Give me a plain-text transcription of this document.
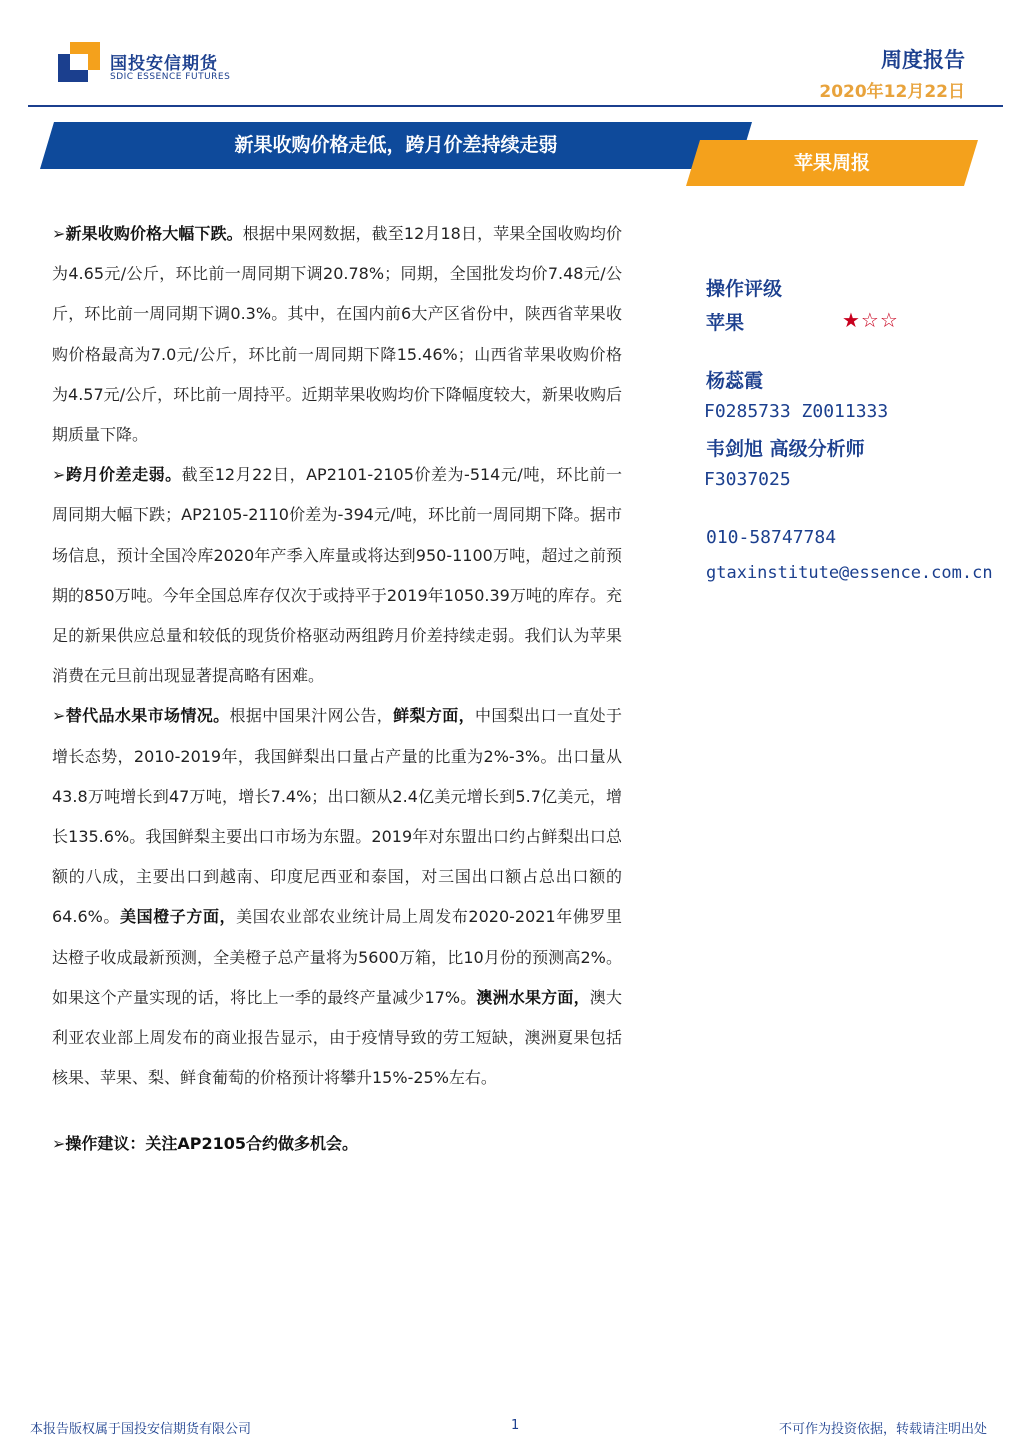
国投安信期货
SDIC ESSENCE FUTURES
周度报告
2020年12月22日
新果收购价格走低，跨月价差持续走弱
苹果周报

➢新果收购价格大幅下跌。根据中果网数据，截至12月18日，苹果全国收购均价为4.65元/公斤，环比前一周同期下调20.78%；同期，全国批发均价7.48元/公斤，环比前一周同期下调0.3%。其中，在国内前6大产区省份中，陕西省苹果收购价格最高为7.0元/公斤，环比前一周同期下降15.46%；山西省苹果收购价格为4.57元/公斤，环比前一周持平。近期苹果收购均价下降幅度较大，新果收购后期质量下降。

➢跨月价差走弱。截至12月22日，AP2101-2105价差为-514元/吨，环比前一周同期大幅下跌；AP2105-2110价差为-394元/吨，环比前一周同期下降。据市场信息，预计全国冷库2020年产季入库量或将达到950-1100万吨，超过之前预期的850万吨。今年全国总库存仅次于或持平于2019年1050.39万吨的库存。充足的新果供应总量和较低的现货价格驱动两组跨月价差持续走弱。我们认为苹果消费在元旦前出现显著提高略有困难。

➢替代品水果市场情况。根据中国果汁网公告，鲜梨方面，中国梨出口一直处于增长态势，2010-2019年，我国鲜梨出口量占产量的比重为2%-3%。出口量从43.8万吨增长到47万吨，增长7.4%；出口额从2.4亿美元增长到5.7亿美元，增长135.6%。我国鲜梨主要出口市场为东盟。2019年对东盟出口约占鲜梨出口总额的八成，主要出口到越南、印度尼西亚和泰国，对三国出口额占总出口额的64.6%。美国橙子方面，美国农业部农业统计局上周发布2020-2021年佛罗里达橙子收成最新预测，全美橙子总产量将为5600万箱，比10月份的预测高2%。如果这个产量实现的话，将比上一季的最终产量减少17%。澳洲水果方面，澳大利亚农业部上周发布的商业报告显示，由于疫情导致的劳工短缺，澳洲夏果包括核果、苹果、梨、鲜食葡萄的价格预计将攀升15%-25%左右。

➢操作建议：关注AP2105合约做多机会。

操作评级
苹果	★☆☆
杨蕊霞
F0285733 Z0011333
韦剑旭 高级分析师
F3037025
010-58747784
gtaxinstitute@essence.com.cn
本报告版权属于国投安信期货有限公司	1	不可作为投资依据，转载请注明出处
